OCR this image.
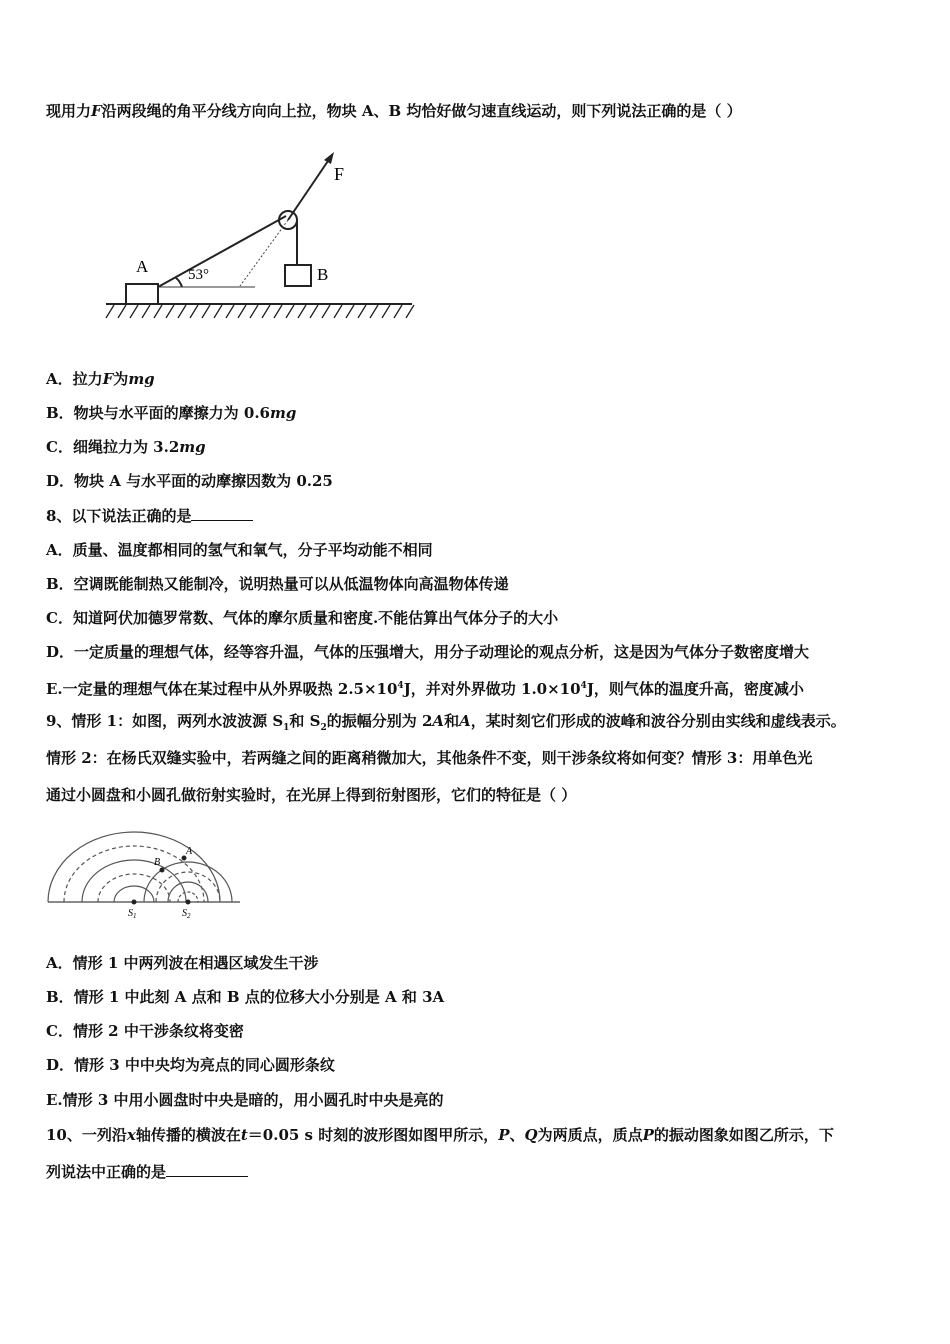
现用力F沿两段绳的角平分线方向向上拉，物块 A、B 均恰好做匀速直线运动，则下列说法正确的是（ ）
A	B
F
53°
A．拉力F为mg
B．物块与水平面的摩擦力为 0.6mg
C．细绳拉力为 3.2mg
D．物块 A 与水平面的动摩擦因数为 0.25
8、以下说法正确的是
A．质量、温度都相同的氢气和氧气，分子平均动能不相同
B．空调既能制热又能制冷，说明热量可以从低温物体向高温物体传递
C．知道阿伏加德罗常数、气体的摩尔质量和密度.不能估算出气体分子的大小
D．一定质量的理想气体，经等容升温，气体的压强增大，用分子动理论的观点分析，这是因为气体分子数密度增大
E.一定量的理想气体在某过程中从外界吸热 $2.5\times 10^4J$，并对外界做功 $1.0\times 10^4J$，则气体的温度升高，密度减小
9、情形 1：如图，两列水波波源 $S_1$和 $S_2$的振幅分别为 2A和A，某时刻它们形成的波峰和波谷分别由实线和虚线表示。
情形 2：在杨氏双缝实验中，若两缝之间的距离稍微加大，其他条件不变，则干涉条纹将如何变？情形 3：用单色光
通过小圆盘和小圆孔做衍射实验时，在光屏上得到衍射图形，它们的特征是（ ）
A
B
$S_1$	$S_2$
A．情形 1 中两列波在相遇区域发生干涉
B．情形 1 中此刻 A 点和 B 点的位移大小分别是 A 和 3A
C．情形 2 中干涉条纹将变密
D．情形 3 中中央均为亮点的同心圆形条纹
E.情形 3 中用小圆盘时中央是暗的，用小圆孔时中央是亮的
10、一列沿x轴传播的横波在t＝0.05 s 时刻的波形图如图甲所示，P、Q为两质点，质点P的振动图象如图乙所示，下
列说法中正确的是
